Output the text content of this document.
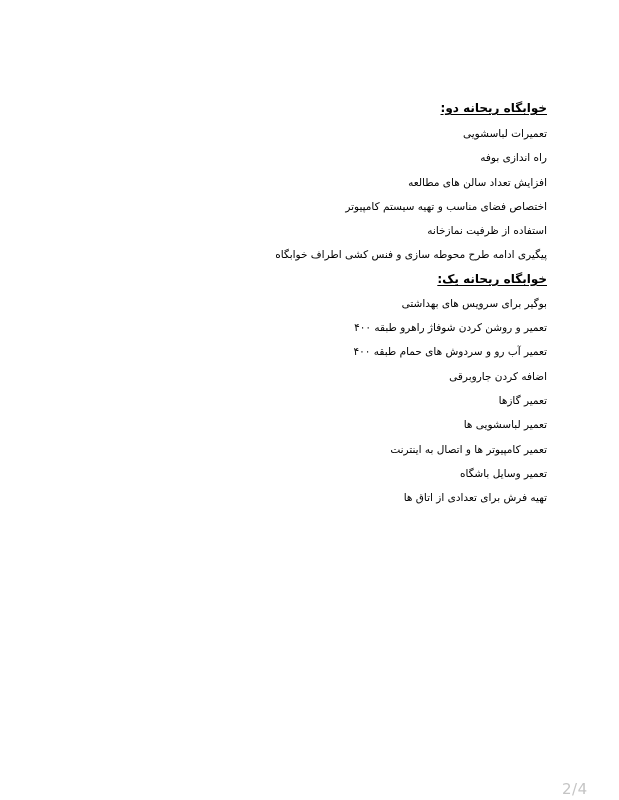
خوابگاه ریحانه دو:
تعمیرات لباسشویی
راه اندازی بوفه
افزایش تعداد سالن های مطالعه
اختصاص فضای مناسب و تهیه سیستم کامپیوتر
استفاده از ظرفیت نمازخانه
پیگیری ادامه طرح محوطه سازی و فنس کشی اطراف خوابگاه
خوابگاه ریحانه یک:
بوگیر برای سرویس های بهداشتی
تعمیر و روشن کردن شوفاژ راهرو طبقه ۴۰۰
تعمیر آب رو و سردوش های حمام طبقه ۴۰۰
اضافه کردن جاروبرقی
تعمیر گازها
تعمیر لباسشویی ها
تعمیر کامپیوتر ها و اتصال به اینترنت
تعمیر وسایل باشگاه
تهیه فرش برای تعدادی از اتاق ها
2/4
